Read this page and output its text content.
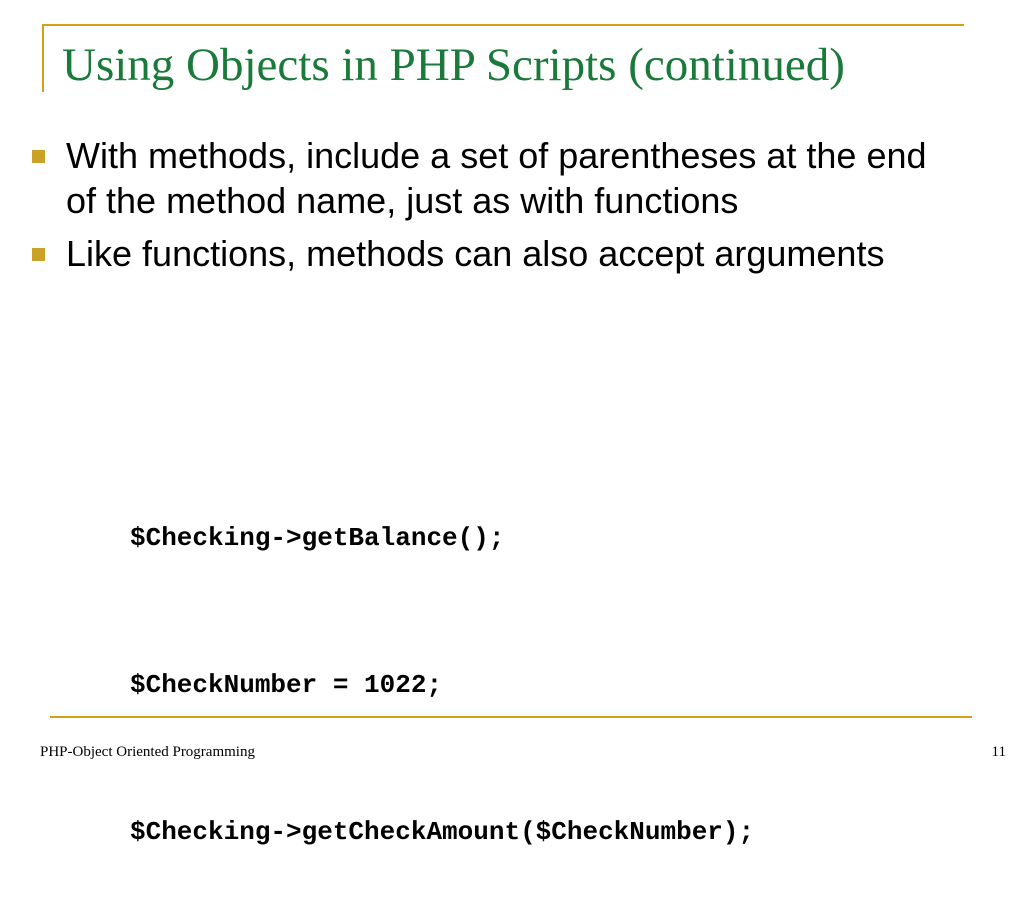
Using Objects in PHP Scripts (continued)
With methods, include a set of parentheses at the end of the method name, just as with functions
Like functions, methods can also accept arguments

$Checking->getBalance();

$CheckNumber = 1022;

$Checking->getCheckAmount($CheckNumber);

PHP-Object Oriented Programming	11
